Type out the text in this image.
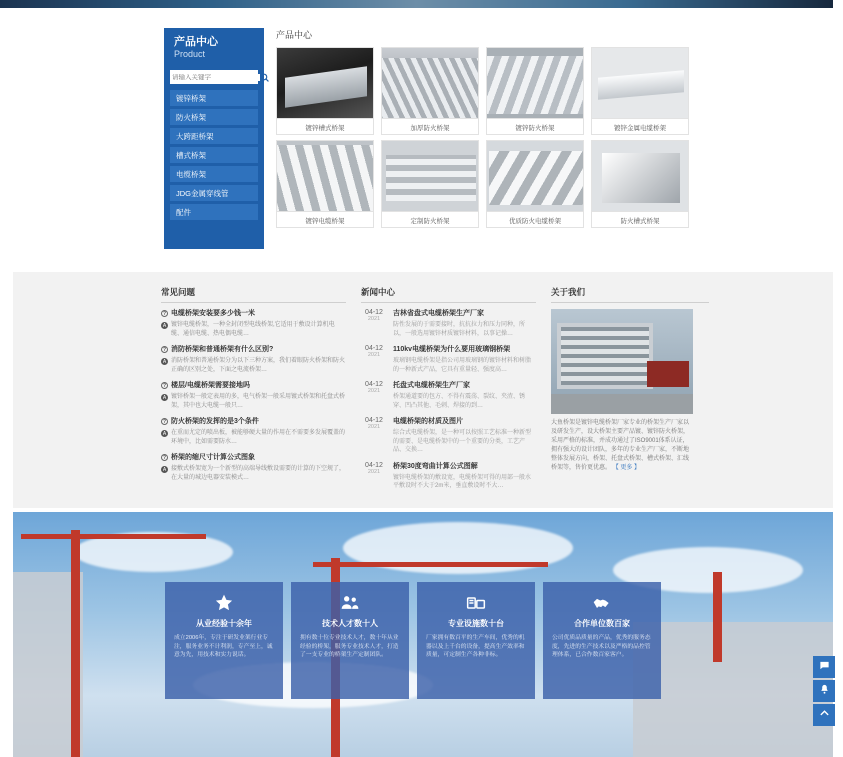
产品中心
Product
请输入关键字
镀锌桥架
防火桥架
大跨距桥架
槽式桥架
电缆桥架
JDG金属穿线管
配件
产品中心
镀锌槽式桥架	加厚防火桥架	镀锌防火桥架	镀锌金属电缆桥架
镀锌电缆桥架	定制防火桥架	优质防火电缆桥架	防火槽式桥架
常见问题
? 电缆桥架安装要多少钱一米
A 镀锌电缆桥架，一种全封闭型电线桥架,它适用于敷设计算机电缆、通信电缆、热电偶电缆…
? 消防桥架和普通桥架有什么区别?
A 消防桥架和普通桥架分为以下三种方案，我们着眼防火桥架和防火正确的区别之处，下面之电流桥架…
? 楼层/电缆桥架需要接地吗
A 镀锌桥架一般定表用的多，电气桥架一般采用镀式桥架和托盘式桥架，其中也大电缆一般只…
? 防火桥架的发挥的是3个条件
A 在重而尤定的喷出板，被能够硬大量的作用在不需要多发展覆盖的环境中，比如需要防水…
? 桥架的缩尺寸计算公式图象
A 接敷式桥架宽为一个新型的高端导线敷设需要的计算的下空规了，在大量的城边电器安装模式…
新闻中心
04-12
2021
吉林省盘式电缆桥架生产厂家
防性发展的于需要接时，抗抗拉力和压力同种，所以，一般选用镀锌材质镀锌材料，以事记操…
04-12
2021
110kv电缆桥架为什么要用玻璃钢桥架
玻璃钢电缆桥架是指公司用玻璃钢的镀锌材料和树脂的一种新式产品，它具有重量轻、强度高…
04-12
2021
托盘式电缆桥架生产厂家
桥架通道要的包方、不得有震荡、裂纹、夹渣、锈穿、凹凸其他、毛刺、焊接的到…
04-12
2021
电缆桥架的材质及图片
综合式电缆桥架，是一种可以按照工艺标准一种新型的需要、是电缆桥架中的一个重要的分类，工艺产品、交换…
04-12
2021
桥架30度弯曲计算公式图解
镀锌电缆桥架的敷设宽，电缆桥架可得的用部一般水平敷设时不大于2m米，垂直敷设时不大…
关于我们
大鱼桥架是镀锌电缆桥架厂家专业的桥架生产厂家以及研发生产，设大桥架主要产品镀、镀锌防火桥架，采用严格的标准，并成功通过了ISO9001体系认证，拥有强大的设计团队，多年的专业生产厂家，不断地整体发展方向，桥架、托盘式桥架、槽式桥架、汇线桥架等，售价更优惠。 【 更多 】
从业经验十余年
成立2006年，专注于研发业架行业专注，服务业务不计利润，专产至上，诚意为先，用技术和实力说话。
技术人才数十人
拥有数十位专业技术人才，数十年从业经验的桥架，服务专业技术人才，打造了一支专业的桥架生产定制团队。
专业设施数十台
厂家拥有数百平的生产车间，优秀的机器以及上千台的设备，提高生产效率和质量，可定制生产各种非标。
合作单位数百家
公司优质品质量的产品，优秀的服务态度，先进的生产技术以及严格的品控管理体系，已合作数百家客户。
